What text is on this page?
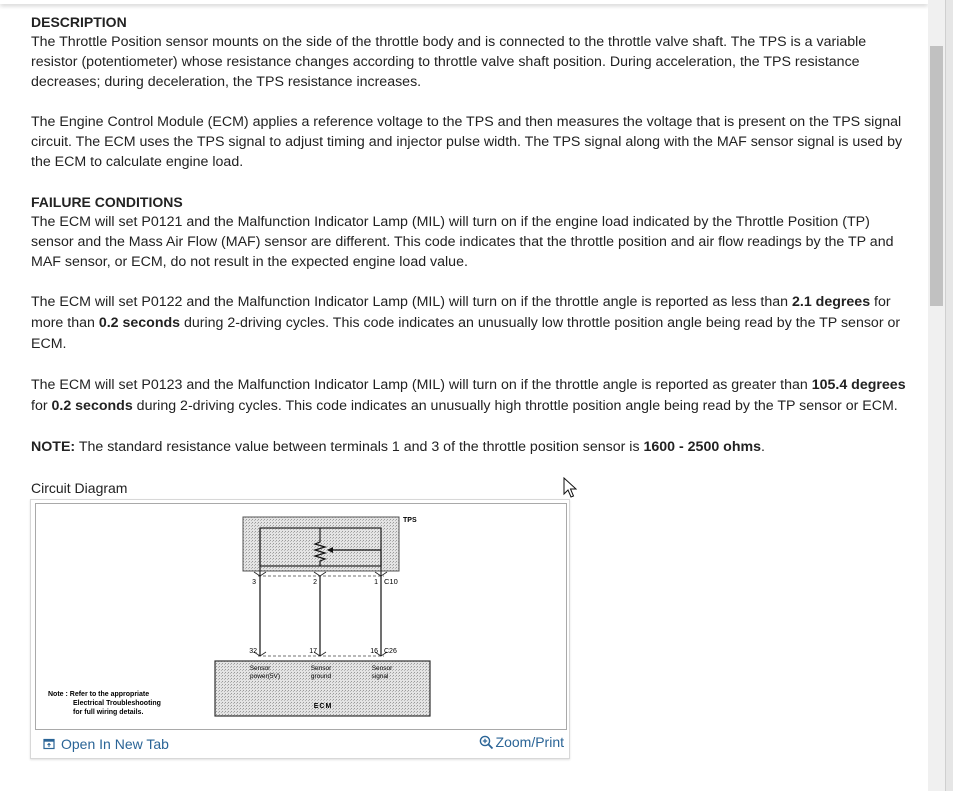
DESCRIPTION

The Throttle Position sensor mounts on the side of the throttle body and is connected to the throttle valve shaft. The TPS is a variable resistor (potentiometer) whose resistance changes according to throttle valve shaft position. During acceleration, the TPS resistance decreases; during deceleration, the TPS resistance increases.

The Engine Control Module (ECM) applies a reference voltage to the TPS and then measures the voltage that is present on the TPS signal circuit. The ECM uses the TPS signal to adjust timing and injector pulse width. The TPS signal along with the MAF sensor signal is used by the ECM to calculate engine load.

FAILURE CONDITIONS

The ECM will set P0121 and the Malfunction Indicator Lamp (MIL) will turn on if the engine load indicated by the Throttle Position (TP) sensor and the Mass Air Flow (MAF) sensor are different. This code indicates that the throttle position and air flow readings by the TP and MAF sensor, or ECM, do not result in the expected engine load value.

The ECM will set P0122 and the Malfunction Indicator Lamp (MIL) will turn on if the throttle angle is reported as less than 2.1 degrees for more than 0.2 seconds during 2-driving cycles. This code indicates an unusually low throttle position angle being read by the TP sensor or ECM.

The ECM will set P0123 and the Malfunction Indicator Lamp (MIL) will turn on if the throttle angle is reported as greater than 105.4 degrees for 0.2 seconds during 2-driving cycles. This code indicates an unusually high throttle position angle being read by the TP sensor or ECM.

NOTE: The standard resistance value between terminals 1 and 3 of the throttle position sensor is 1600 - 2500 ohms.

Circuit Diagram

TPS
3	2	1 C10
32	17	16 C26
Sensor
power(5V)
Sensor
ground
Sensor
signal
ECM
Note : Refer to the appropriate
Electrical Troubleshooting
for full wiring details.
Open In New Tab	Zoom/Print
